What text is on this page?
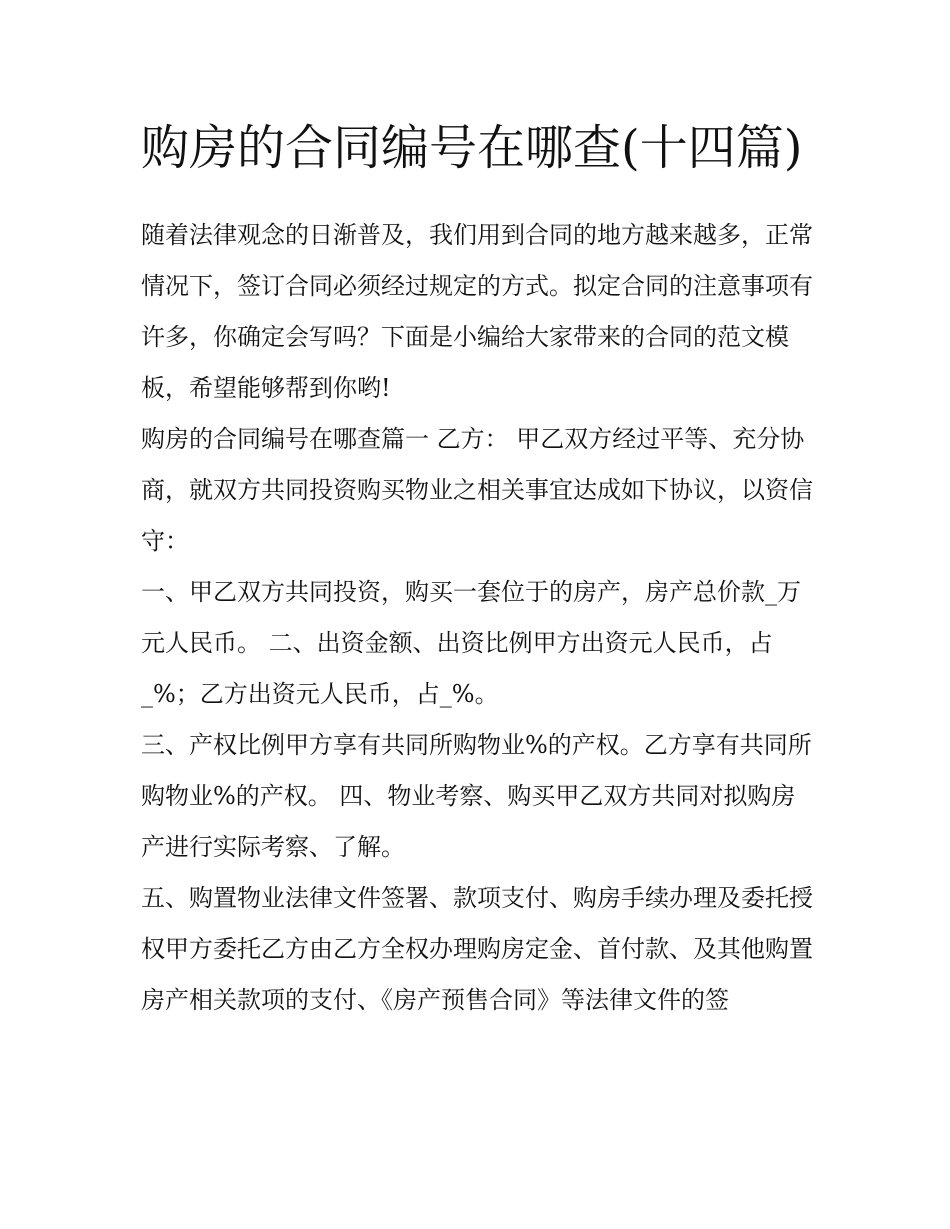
购房的合同编号在哪查(十四篇)

随着法律观念的日渐普及，我们用到合同的地方越来越多，正常情况下，签订合同必须经过规定的方式。拟定合同的注意事项有许多，你确定会写吗？下面是小编给大家带来的合同的范文模板，希望能够帮到你哟!

购房的合同编号在哪查篇一 乙方： 甲乙双方经过平等、充分协商，就双方共同投资购买物业之相关事宜达成如下协议，以资信守：

一、甲乙双方共同投资，购买一套位于的房产，房产总价款_万元人民币。 二、出资金额、出资比例甲方出资元人民币，占_%；乙方出资元人民币，占_%。

三、产权比例甲方享有共同所购物业%的产权。乙方享有共同所购物业%的产权。 四、物业考察、购买甲乙双方共同对拟购房产进行实际考察、了解。

五、购置物业法律文件签署、款项支付、购房手续办理及委托授权甲方委托乙方由乙方全权办理购房定金、首付款、及其他购置房产相关款项的支付、《房产预售合同》等法律文件的签
